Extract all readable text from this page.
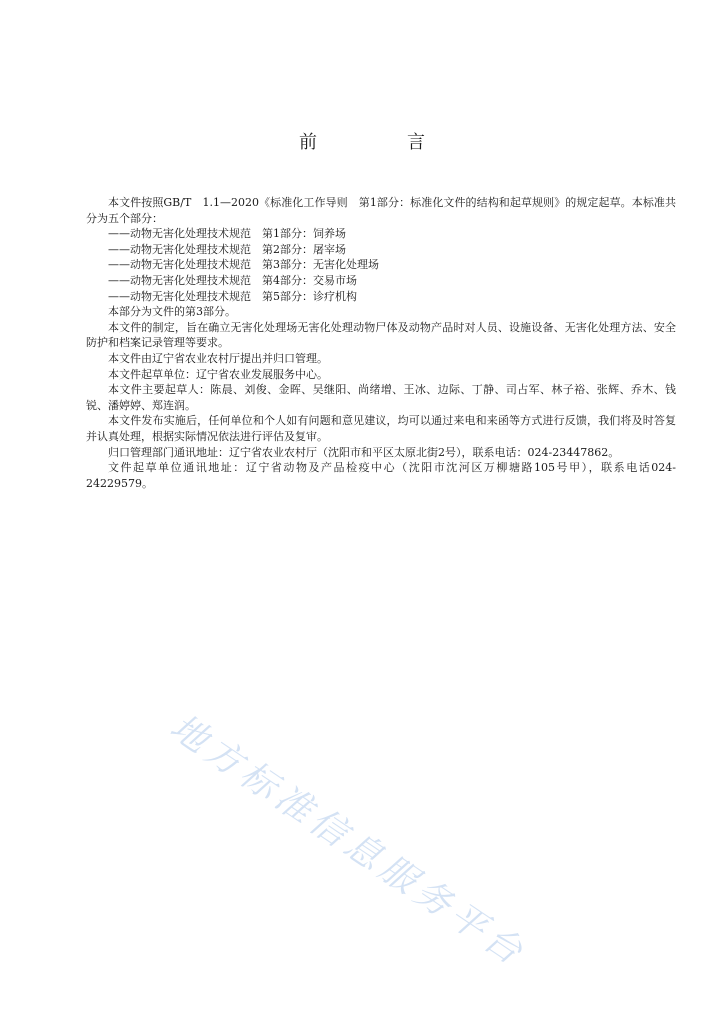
前　言

本文件按照GB/T　1.1—2020《标准化工作导则　第1部分：标准化文件的结构和起草规则》的规定起草。本标准共分为五个部分：

——动物无害化处理技术规范　第1部分：饲养场

——动物无害化处理技术规范　第2部分：屠宰场

——动物无害化处理技术规范　第3部分：无害化处理场

——动物无害化处理技术规范　第4部分：交易市场

——动物无害化处理技术规范　第5部分：诊疗机构

本部分为文件的第3部分。

本文件的制定，旨在确立无害化处理场无害化处理动物尸体及动物产品时对人员、设施设备、无害化处理方法、安全防护和档案记录管理等要求。

本文件由辽宁省农业农村厅提出并归口管理。

本文件起草单位：辽宁省农业发展服务中心。

本文件主要起草人：陈晨、刘俊、金晖、吴继阳、尚绪增、王冰、边际、丁静、司占军、林子裕、张辉、乔木、钱锐、潘婷婷、郑连润。

本文件发布实施后，任何单位和个人如有问题和意见建议，均可以通过来电和来函等方式进行反馈，我们将及时答复并认真处理，根据实际情况依法进行评估及复审。

归口管理部门通讯地址：辽宁省农业农村厅（沈阳市和平区太原北街2号），联系电话：024-23447862。

文件起草单位通讯地址：辽宁省动物及产品检疫中心（沈阳市沈河区万柳塘路105号甲），联系电话024-24229579。

地方标准信息服务平台
